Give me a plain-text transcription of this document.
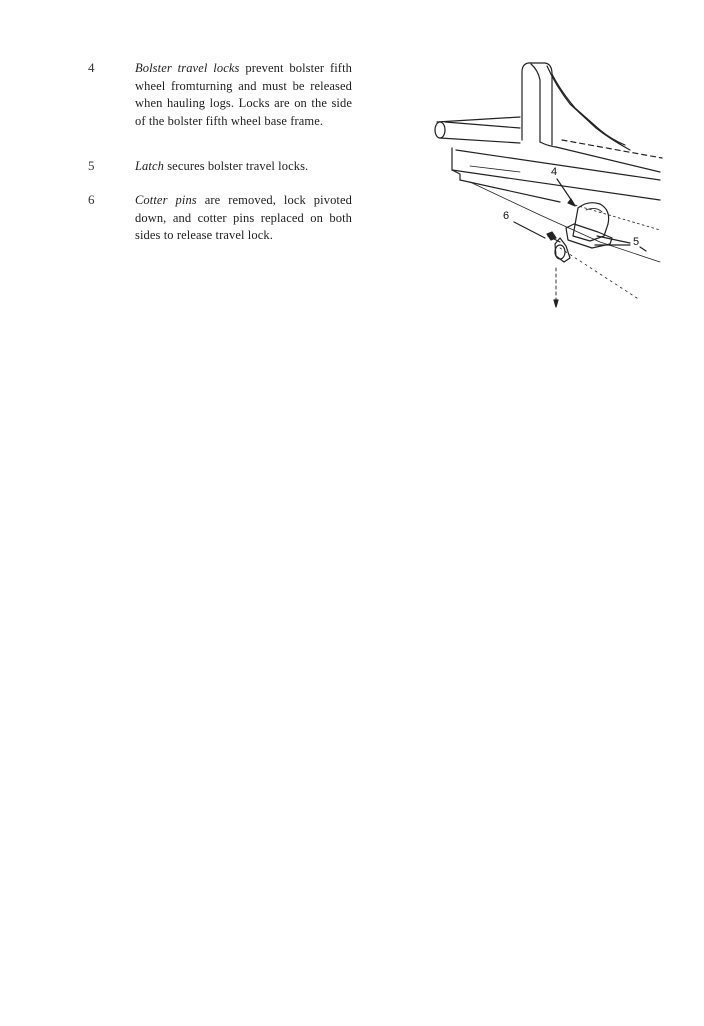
4	Bolster travel locks prevent bolster fifth wheel fromturning and must be released when hauling logs. Locks are on the side of the bolster fifth wheel base frame.
5	Latch secures bolster travel locks.
6	Cotter pins are removed, lock pivoted down, and cotter pins replaced on both sides to release travel lock.
4
6
5
